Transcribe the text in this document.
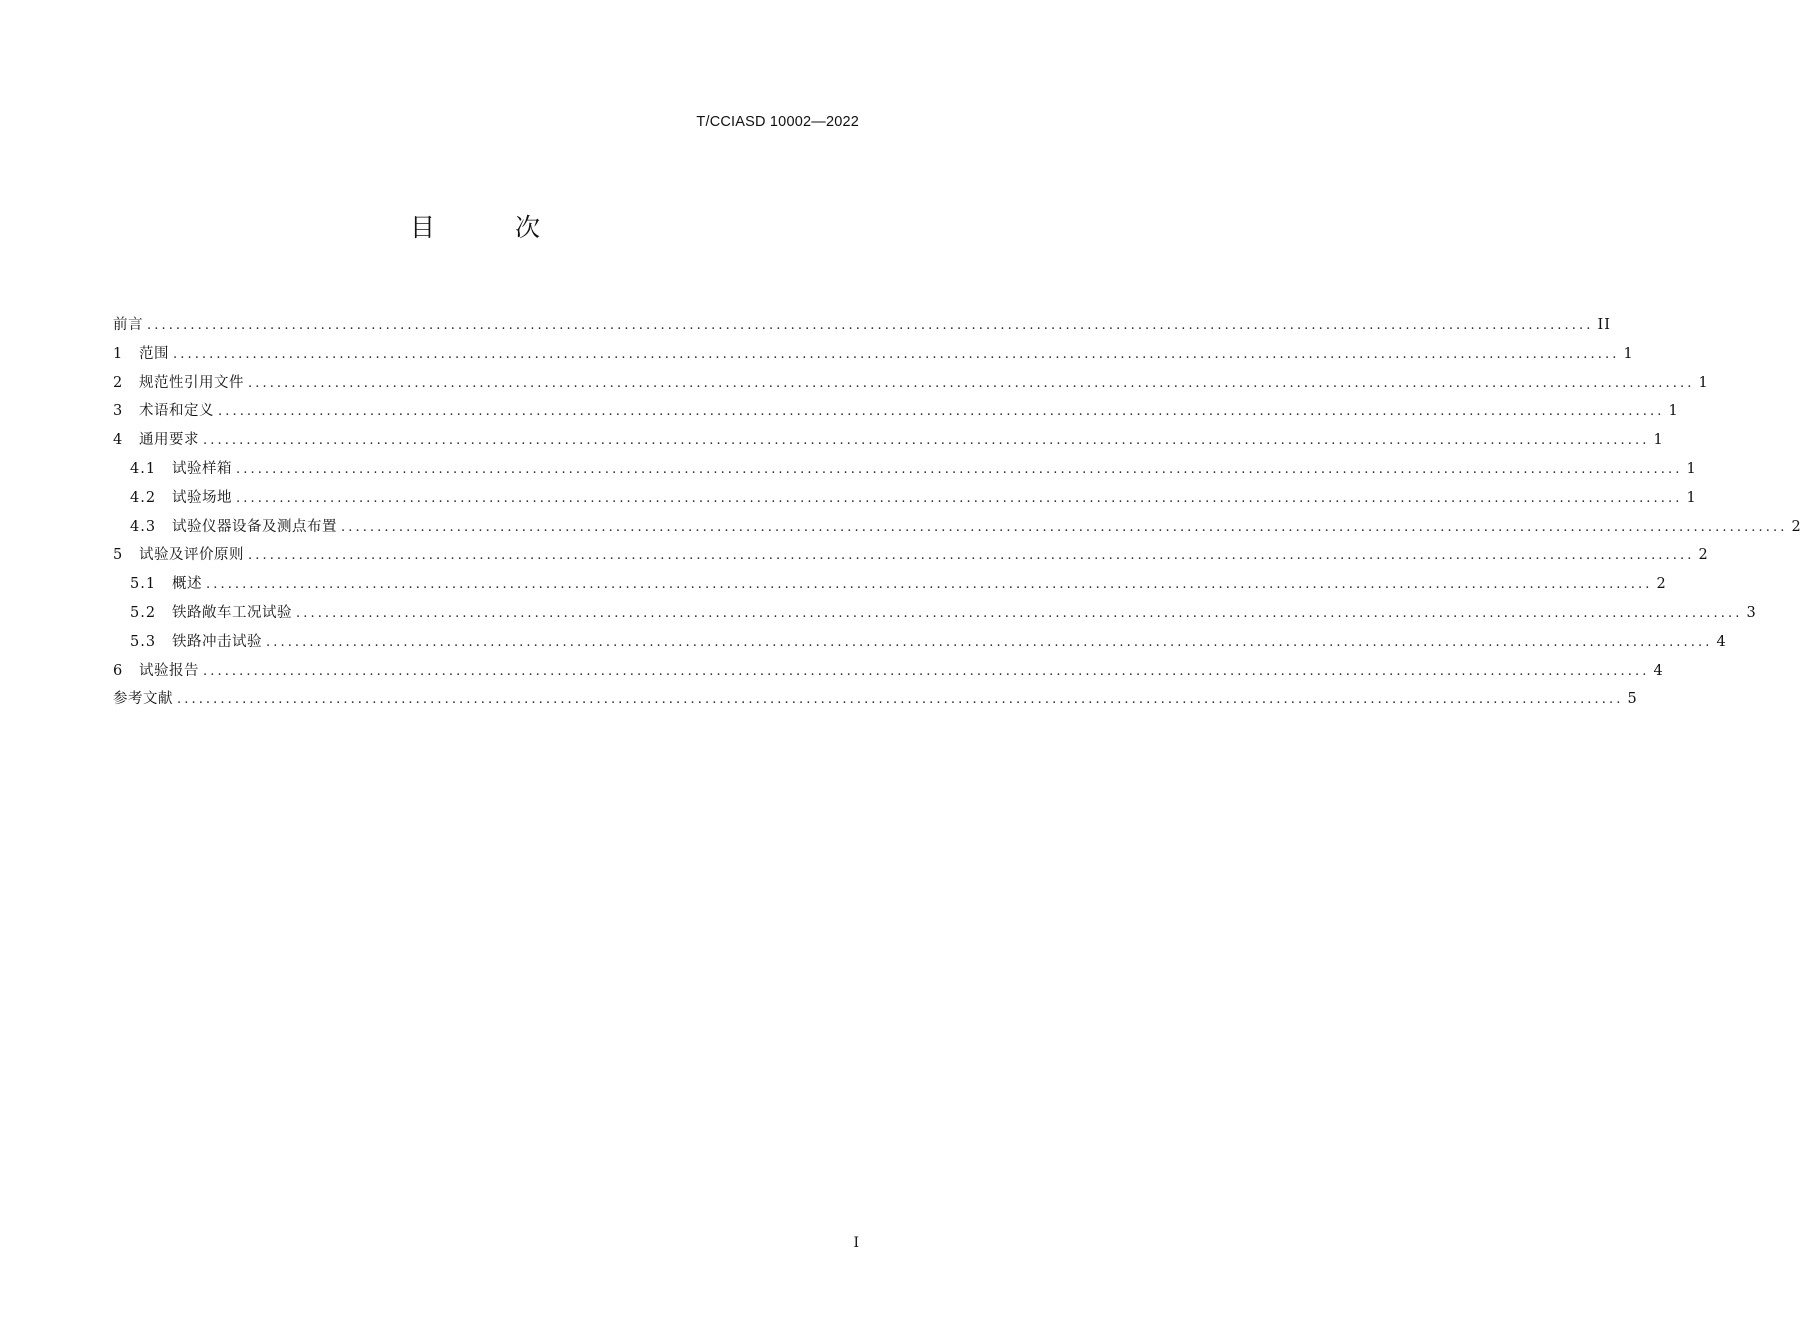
T/CCIASD 10002—2022
目 次
前言 ........................................................................................................................................................................................................ II
1	范围 ........................................................................................................................................................................................................ 1
2	规范性引用文件 ........................................................................................................................................................................................................ 1
3	术语和定义 ........................................................................................................................................................................................................ 1
4	通用要求 ........................................................................................................................................................................................................ 1
4.1	试验样箱 ........................................................................................................................................................................................................ 1
4.2	试验场地 ........................................................................................................................................................................................................ 1
4.3	试验仪器设备及测点布置 ........................................................................................................................................................................................................ 2
5	试验及评价原则 ........................................................................................................................................................................................................ 2
5.1	概述 ........................................................................................................................................................................................................ 2
5.2	铁路敞车工况试验 ........................................................................................................................................................................................................ 3
5.3	铁路冲击试验 ........................................................................................................................................................................................................ 4
6	试验报告 ........................................................................................................................................................................................................ 4
参考文献 ........................................................................................................................................................................................................ 5
I
